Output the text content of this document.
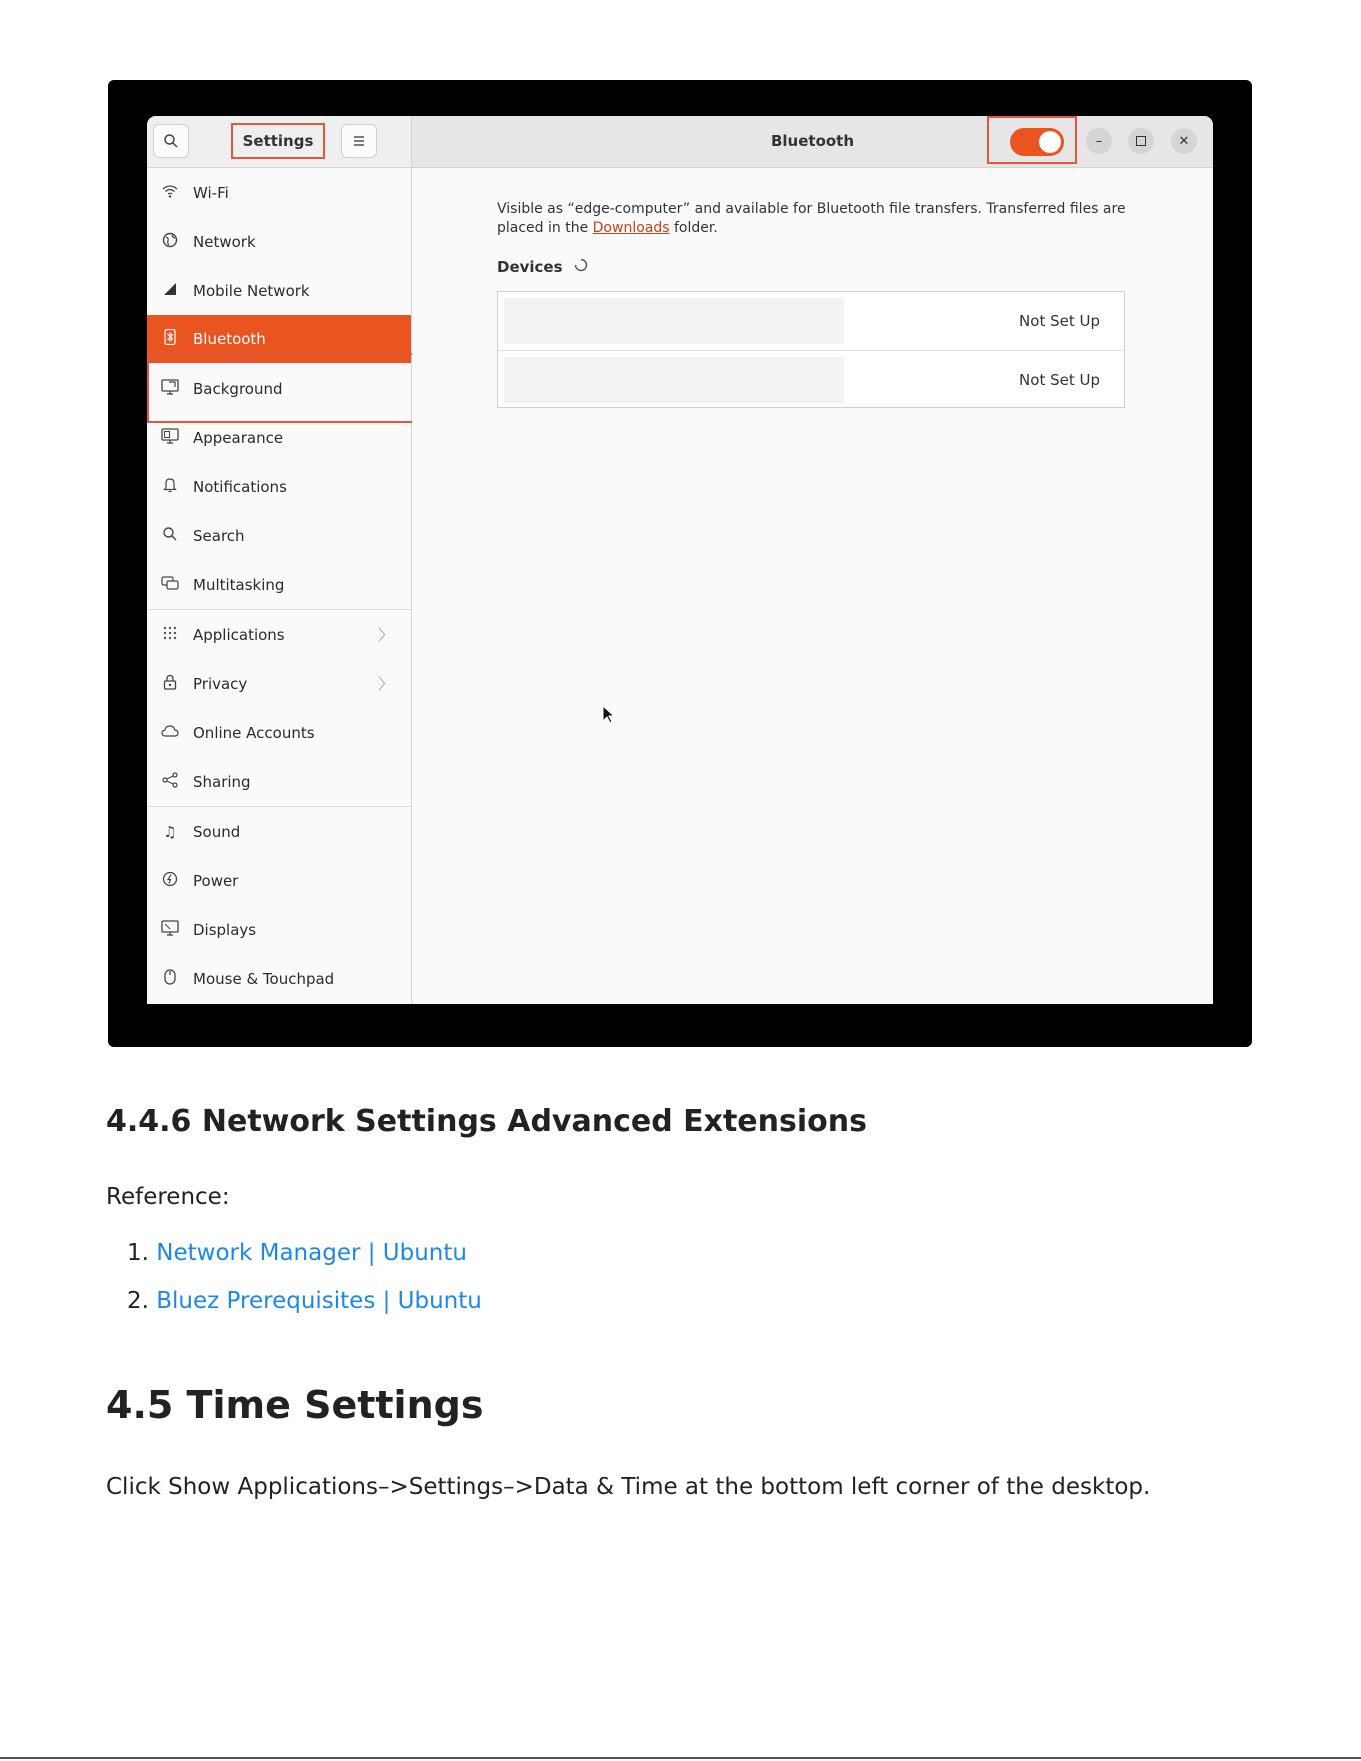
Settings	Bluetooth	–	✕
Wi-Fi
Network
Mobile Network
Bluetooth
Background
Appearance
Notifications
Search
Multitasking
Applications	〉
Privacy	〉
Online Accounts
Sharing
♫ Sound
Power
Displays
Mouse & Touchpad
Visible as “edge-computer” and available for Bluetooth file transfers. Transferred files are placed in the Downloads folder.
Devices
Not Set Up
Not Set Up
4.4.6 Network Settings Advanced Extensions
Reference:
1. Network Manager | Ubuntu
2. Bluez Prerequisites | Ubuntu
4.5 Time Settings
Click Show Applications–>Settings–>Data & Time at the bottom left corner of the desktop.
